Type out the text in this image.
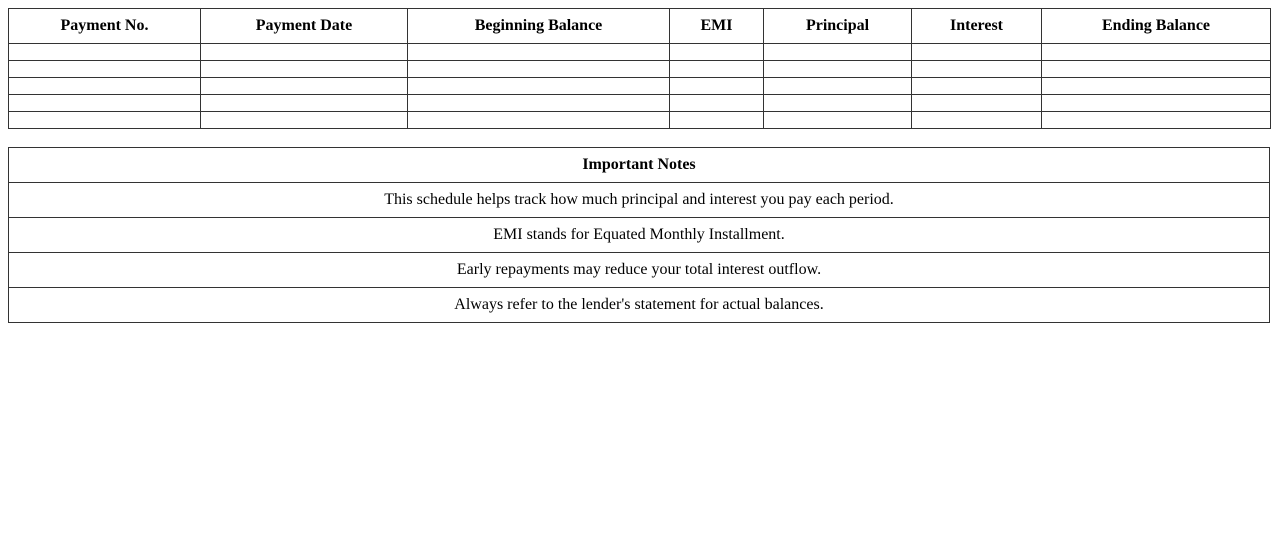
Payment No.	Payment Date	Beginning Balance	EMI	Principal	Interest	Ending Balance

Important Notes
This schedule helps track how much principal and interest you pay each period.
EMI stands for Equated Monthly Installment.
Early repayments may reduce your total interest outflow.
Always refer to the lender's statement for actual balances.
